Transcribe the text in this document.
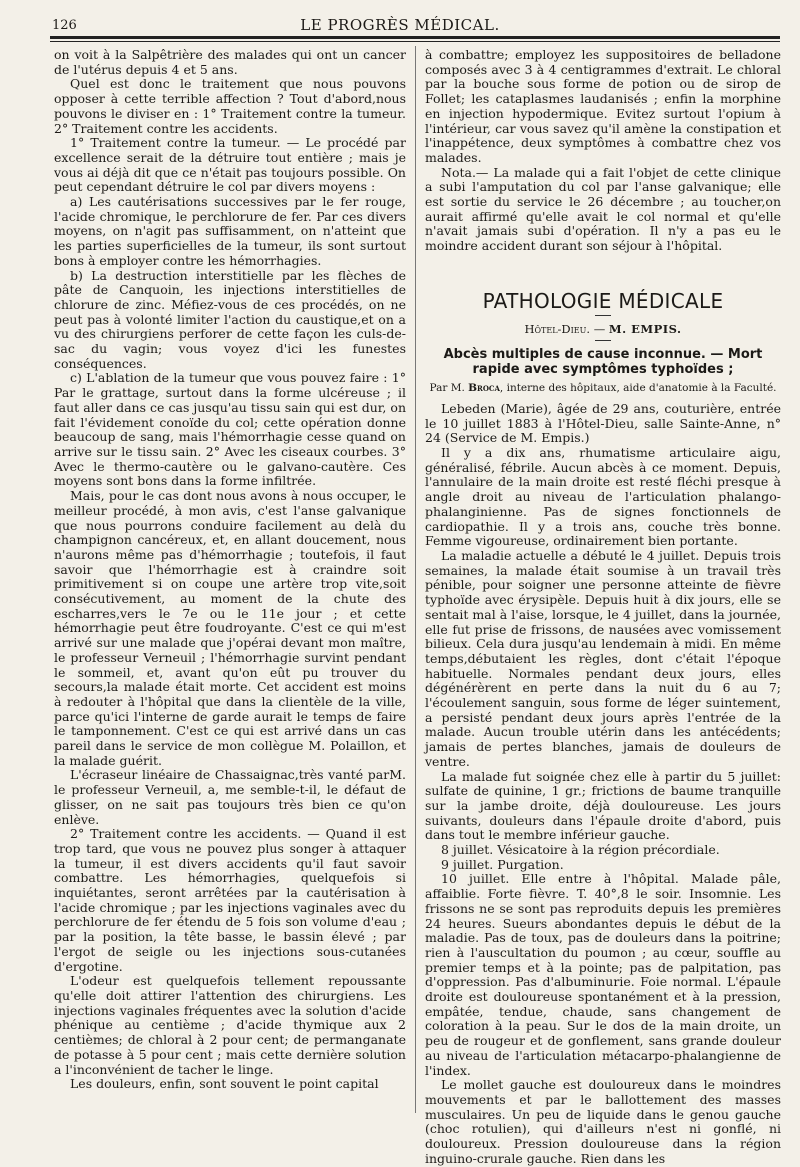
126	LE PROGRÈS MÉDICAL.

on voit à la Salpêtrière des malades qui ont un cancer de l'utérus depuis 4 et 5 ans.

Quel est donc le traitement que nous pouvons opposer à cette terrible affection ? Tout d'abord,nous pouvons le diviser en : 1° Traitement contre la tumeur. 2° Traitement contre les accidents.

1° Traitement contre la tumeur. — Le procédé par excellence serait de la détruire tout entière ; mais je vous ai déjà dit que ce n'était pas toujours possible. On peut cependant détruire le col par divers moyens :

a) Les cautérisations successives par le fer rouge, l'acide chromique, le perchlorure de fer. Par ces divers moyens, on n'agit pas suffisamment, on n'atteint que les parties superficielles de la tumeur, ils sont surtout bons à employer contre les hémorrhagies.

b) La destruction interstitielle par les flèches de pâte de Canquoin, les injections interstitielles de chlorure de zinc. Méfiez-vous de ces procédés, on ne peut pas à volonté limiter l'action du caustique,et on a vu des chirurgiens perforer de cette façon les culs-de-sac du vagin; vous voyez d'ici les funestes conséquences.

c) L'ablation de la tumeur que vous pouvez faire : 1° Par le grattage, surtout dans la forme ulcéreuse ; il faut aller dans ce cas jusqu'au tissu sain qui est dur, on fait l'évidement conoïde du col; cette opération donne beaucoup de sang, mais l'hémorrhagie cesse quand on arrive sur le tissu sain. 2° Avec les ciseaux courbes. 3° Avec le thermo-cautère ou le galvano-cautère. Ces moyens sont bons dans la forme infiltrée.

Mais, pour le cas dont nous avons à nous occuper, le meilleur procédé, à mon avis, c'est l'anse galvanique que nous pourrons conduire facilement au delà du champignon cancéreux, et, en allant doucement, nous n'aurons même pas d'hémorrhagie ; toutefois, il faut savoir que l'hémorrhagie est à craindre soit primitivement si on coupe une artère trop vite,soit consécutivement, au moment de la chute des escharres,vers le 7e ou le 11e jour ; et cette hémorrhagie peut être foudroyante. C'est ce qui m'est arrivé sur une malade que j'opérai devant mon maître, le professeur Verneuil ; l'hémorrhagie survint pendant le sommeil, et, avant qu'on eût pu trouver du secours,la malade était morte. Cet accident est moins à redouter à l'hôpital que dans la clientèle de la ville, parce qu'ici l'interne de garde aurait le temps de faire le tamponnement. C'est ce qui est arrivé dans un cas pareil dans le service de mon collègue M. Polaillon, et la malade guérit.

L'écraseur linéaire de Chassaignac,très vanté parM. le professeur Verneuil, a, me semble-t-il, le défaut de glisser, on ne sait pas toujours très bien ce qu'on enlève.

2° Traitement contre les accidents. — Quand il est trop tard, que vous ne pouvez plus songer à attaquer la tumeur, il est divers accidents qu'il faut savoir combattre. Les hémorrhagies, quelquefois si inquiétantes, seront arrêtées par la cautérisation à l'acide chromique ; par les injections vaginales avec du perchlorure de fer étendu de 5 fois son volume d'eau ; par la position, la tête basse, le bassin élevé ; par l'ergot de seigle ou les injections sous-cutanées d'ergotine.

L'odeur est quelquefois tellement repoussante qu'elle doit attirer l'attention des chirurgiens. Les injections vaginales fréquentes avec la solution d'acide phénique au centième ; d'acide thymique aux 2 centièmes; de chloral à 2 pour cent; de permanganate de potasse à 5 pour cent ; mais cette dernière solution a l'inconvénient de tacher le linge.

Les douleurs, enfin, sont souvent le point capital

à combattre; employez les suppositoires de belladone composés avec 3 à 4 centigrammes d'extrait. Le chloral par la bouche sous forme de potion ou de sirop de Follet; les cataplasmes laudanisés ; enfin la morphine en injection hypodermique. Evitez surtout l'opium à l'intérieur, car vous savez qu'il amène la constipation et l'inappétence, deux symptômes à combattre chez vos malades.

Nota.— La malade qui a fait l'objet de cette clinique a subi l'amputation du col par l'anse galvanique; elle est sortie du service le 26 décembre ; au toucher,on aurait affirmé qu'elle avait le col normal et qu'elle n'avait jamais subi d'opération. Il n'y a pas eu le moindre accident durant son séjour à l'hôpital.

PATHOLOGIE MÉDICALE
Hôtel-Dieu. — M. EMPIS.
Abcès multiples de cause inconnue. — Mort rapide avec symptômes typhoïdes ;
Par M. Broca, interne des hôpitaux, aide d'anatomie à la Faculté.

Lebeden (Marie), âgée de 29 ans, couturière, entrée le 10 juillet 1883 à l'Hôtel-Dieu, salle Sainte-Anne, n° 24 (Service de M. Empis.)

Il y a dix ans, rhumatisme articulaire aigu, généralisé, fébrile. Aucun abcès à ce moment. Depuis, l'annulaire de la main droite est resté fléchi presque à angle droit au niveau de l'articulation phalango-phalanginienne. Pas de signes fonctionnels de cardiopathie. Il y a trois ans, couche très bonne. Femme vigoureuse, ordinairement bien portante.

La maladie actuelle a débuté le 4 juillet. Depuis trois semaines, la malade était soumise à un travail très pénible, pour soigner une personne atteinte de fièvre typhoïde avec érysipèle. Depuis huit à dix jours, elle se sentait mal à l'aise, lorsque, le 4 juillet, dans la journée, elle fut prise de frissons, de nausées avec vomissement bilieux. Cela dura jusqu'au lendemain à midi. En même temps,débutaient les règles, dont c'était l'époque habituelle. Normales pendant deux jours, elles dégénérèrent en perte dans la nuit du 6 au 7; l'écoulement sanguin, sous forme de léger suintement, a persisté pendant deux jours après l'entrée de la malade. Aucun trouble utérin dans les antécédents; jamais de pertes blanches, jamais de douleurs de ventre.

La malade fut soignée chez elle à partir du 5 juillet: sulfate de quinine, 1 gr.; frictions de baume tranquille sur la jambe droite, déjà douloureuse. Les jours suivants, douleurs dans l'épaule droite d'abord, puis dans tout le membre inférieur gauche.

8 juillet. Vésicatoire à la région précordiale.

9 juillet. Purgation.

10 juillet. Elle entre à l'hôpital. Malade pâle, affaiblie. Forte fièvre. T. 40°,8 le soir. Insomnie. Les frissons ne se sont pas reproduits depuis les premières 24 heures. Sueurs abondantes depuis le début de la maladie. Pas de toux, pas de douleurs dans la poitrine; rien à l'auscultation du poumon ; au cœur, souffle au premier temps et à la pointe; pas de palpitation, pas d'oppression. Pas d'albuminurie. Foie normal. L'épaule droite est douloureuse spontanément et à la pression, empâtée, tendue, chaude, sans changement de coloration à la peau. Sur le dos de la main droite, un peu de rougeur et de gonflement, sans grande douleur au niveau de l'articulation métacarpo-phalangienne de l'index.

Le mollet gauche est douloureux dans le moindres mouvements et par le ballottement des masses musculaires. Un peu de liquide dans le genou gauche (choc rotulien), qui d'ailleurs n'est ni gonflé, ni douloureux. Pression douloureuse dans la région inguino-crurale gauche. Rien dans les
